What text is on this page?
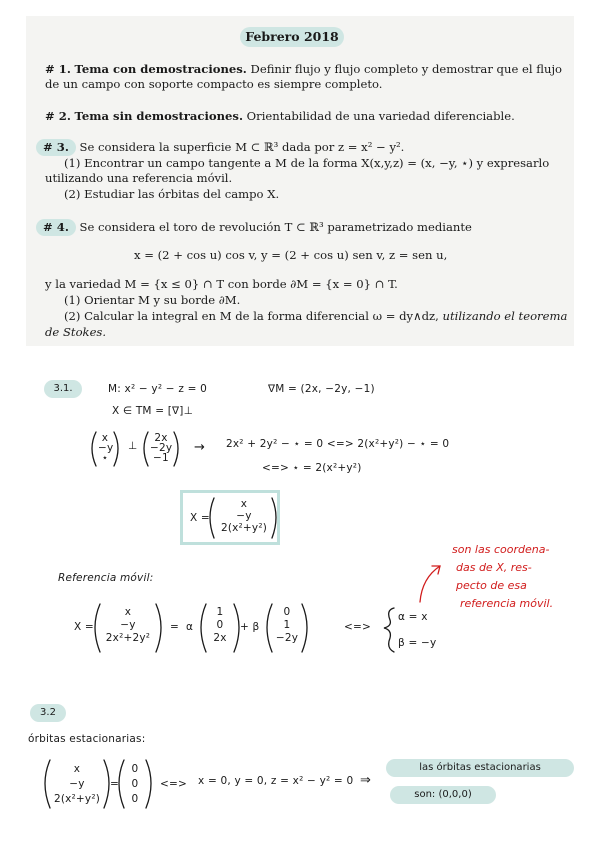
Febrero 2018
# 1. Tema con demostraciones. Definir flujo y flujo completo y demostrar que el flujo
de un campo con soporte compacto es siempre completo.
# 2. Tema sin demostraciones. Orientabilidad de una variedad diferenciable.
# 3. Se considera la superficie M ⊂ ℝ³ dada por z = x² − y².
(1) Encontrar un campo tangente a M de la forma X(x,y,z) = (x, −y, ⋆) y expresarlo
utilizando una referencia móvil.
(2) Estudiar las órbitas del campo X.
# 4. Se considera el toro de revolución T ⊂ ℝ³ parametrizado mediante
x = (2 + cos u) cos v, y = (2 + cos u) sen v, z = sen u,
y la variedad M = {x ≤ 0} ∩ T con borde ∂M = {x = 0} ∩ T.
(1) Orientar M y su borde ∂M.
(2) Calcular la integral en M de la forma diferencial ω = dy∧dz, utilizando el teorema
de Stokes.
3.1.	M: x² − y² − z = 0	∇M = (2x, −2y, −1)
X ∈ TM = [∇]⊥
x
−y
⋆
⊥
2x
−2y
−1
→ 2x² + 2y² − ⋆ = 0 <=> 2(x²+y²) − ⋆ = 0
<=> ⋆ = 2(x²+y²)
X =
x
−y
2(x²+y²)
son las coordena-
das de X, res-
pecto de esa
referencia móvil.
Referencia móvil:
X =
x
−y
2x²+2y²
= α
1
0
2x
+ β
0
1
−2y
<=>
α = x
β = −y
3.2
órbitas estacionarias:
x
−y
2(x²+y²)
=
0
0
0
<=> x = 0, y = 0, z = x² − y² = 0 ⇒
las órbitas estacionarias
son: (0,0,0)
